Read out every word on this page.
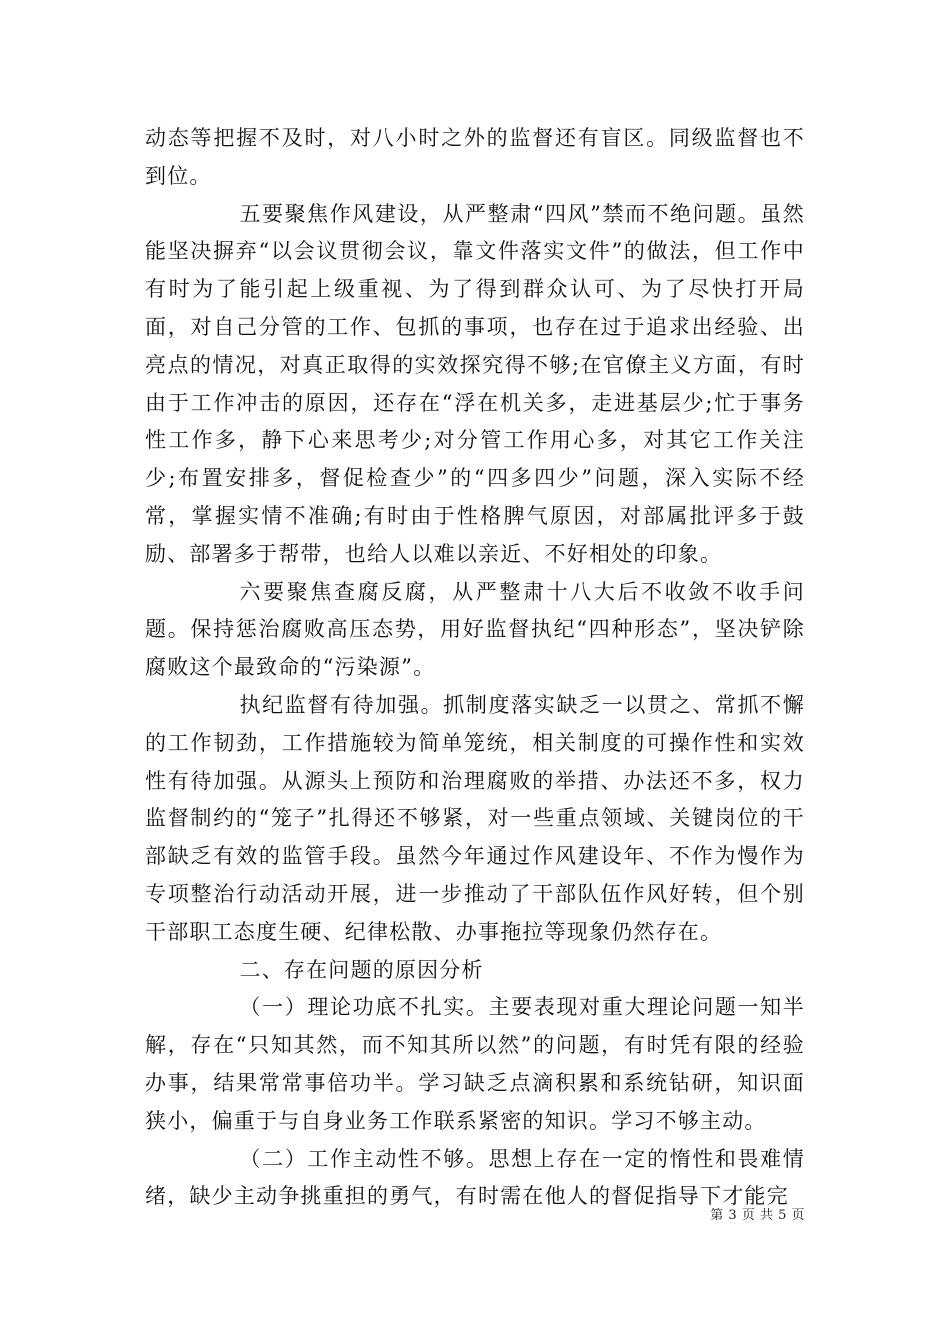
动态等把握不及时，对八小时之外的监督还有盲区。同级监督也不到位。

五要聚焦作风建设，从严整肃“四风”禁而不绝问题。虽然能坚决摒弃“以会议贯彻会议，靠文件落实文件”的做法，但工作中有时为了能引起上级重视、为了得到群众认可、为了尽快打开局面，对自己分管的工作、包抓的事项，也存在过于追求出经验、出亮点的情况，对真正取得的实效探究得不够;在官僚主义方面，有时由于工作冲击的原因，还存在“浮在机关多，走进基层少;忙于事务性工作多，静下心来思考少;对分管工作用心多，对其它工作关注少;布置安排多，督促检查少”的“四多四少”问题，深入实际不经常，掌握实情不准确;有时由于性格脾气原因，对部属批评多于鼓励、部署多于帮带，也给人以难以亲近、不好相处的印象。

六要聚焦查腐反腐，从严整肃十八大后不收敛不收手问题。保持惩治腐败高压态势，用好监督执纪“四种形态”，坚决铲除腐败这个最致命的“污染源”。

执纪监督有待加强。抓制度落实缺乏一以贯之、常抓不懈的工作韧劲，工作措施较为简单笼统，相关制度的可操作性和实效性有待加强。从源头上预防和治理腐败的举措、办法还不多，权力监督制约的“笼子”扎得还不够紧，对一些重点领域、关键岗位的干部缺乏有效的监管手段。虽然今年通过作风建设年、不作为慢作为专项整治行动活动开展，进一步推动了干部队伍作风好转，但个别干部职工态度生硬、纪律松散、办事拖拉等现象仍然存在。

二、存在问题的原因分析

（一）理论功底不扎实。主要表现对重大理论问题一知半解，存在“只知其然，而不知其所以然”的问题，有时凭有限的经验办事，结果常常事倍功半。学习缺乏点滴积累和系统钻研，知识面狭小，偏重于与自身业务工作联系紧密的知识。学习不够主动。

（二）工作主动性不够。思想上存在一定的惰性和畏难情绪，缺少主动争挑重担的勇气，有时需在他人的督促指导下才能完

第 3 页 共 5 页
